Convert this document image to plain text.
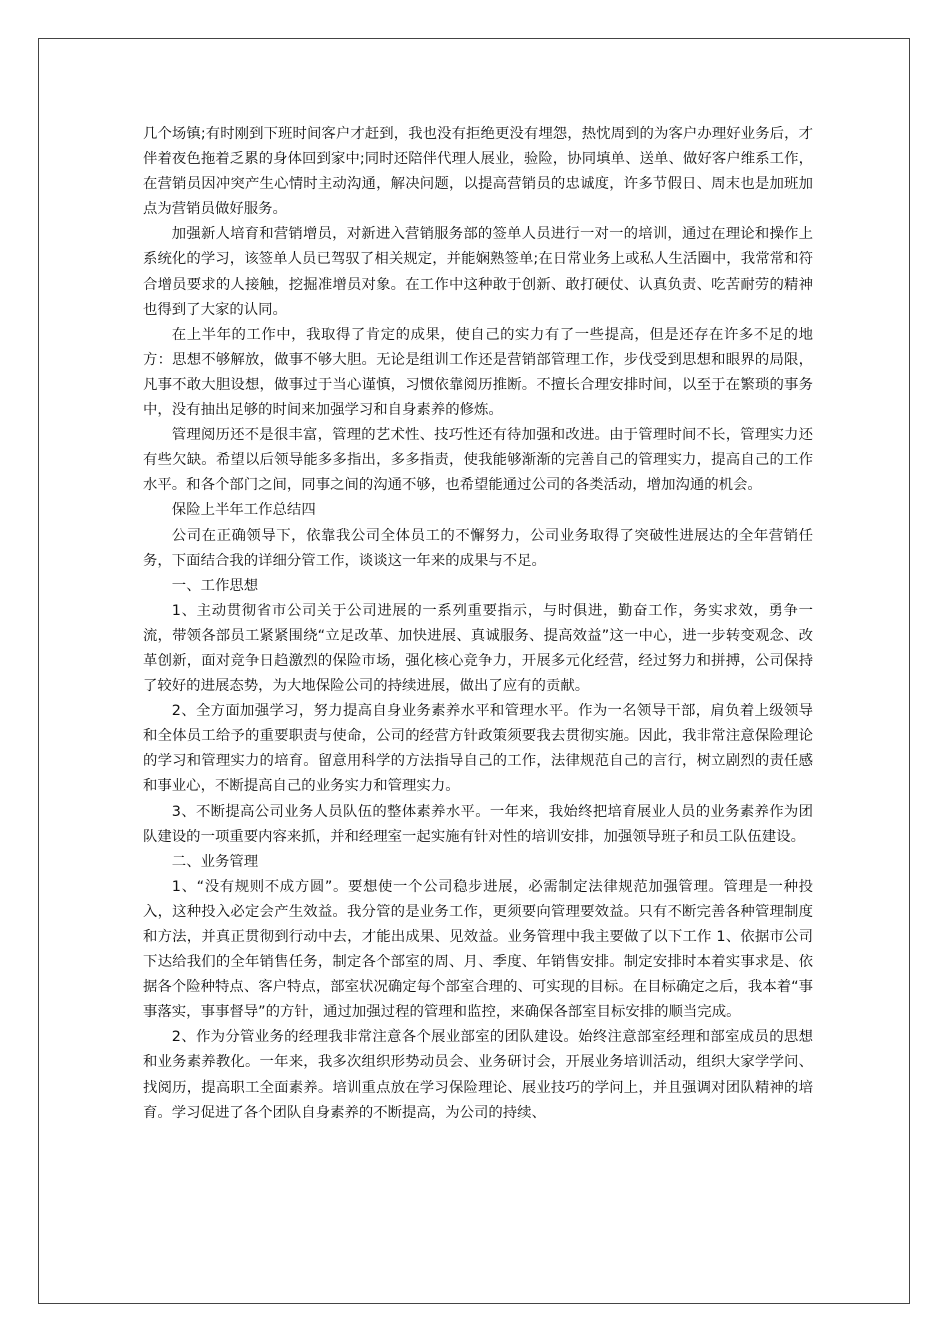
几个场镇;有时刚到下班时间客户才赶到，我也没有拒绝更没有埋怨，热忱周到的为客户办理好业务后，才伴着夜色拖着乏累的身体回到家中;同时还陪伴代理人展业，验险，协同填单、送单、做好客户维系工作，在营销员因冲突产生心情时主动沟通，解决问题，以提高营销员的忠诚度，许多节假日、周末也是加班加点为营销员做好服务。

加强新人培育和营销增员，对新进入营销服务部的签单人员进行一对一的培训，通过在理论和操作上系统化的学习，该签单人员已驾驭了相关规定，并能娴熟签单;在日常业务上或私人生活圈中，我常常和符合增员要求的人接触，挖掘准增员对象。在工作中这种敢于创新、敢打硬仗、认真负责、吃苦耐劳的精神也得到了大家的认同。

在上半年的工作中，我取得了肯定的成果，使自己的实力有了一些提高，但是还存在许多不足的地方：思想不够解放，做事不够大胆。无论是组训工作还是营销部管理工作，步伐受到思想和眼界的局限，凡事不敢大胆设想，做事过于当心谨慎，习惯依靠阅历推断。不擅长合理安排时间，以至于在繁琐的事务中，没有抽出足够的时间来加强学习和自身素养的修炼。

管理阅历还不是很丰富，管理的艺术性、技巧性还有待加强和改进。由于管理时间不长，管理实力还有些欠缺。希望以后领导能多多指出，多多指责，使我能够渐渐的完善自己的管理实力，提高自己的工作水平。和各个部门之间，同事之间的沟通不够，也希望能通过公司的各类活动，增加沟通的机会。

保险上半年工作总结四

公司在正确领导下，依靠我公司全体员工的不懈努力，公司业务取得了突破性进展达的全年营销任务，下面结合我的详细分管工作，谈谈这一年来的成果与不足。

一、工作思想

1、主动贯彻省市公司关于公司进展的一系列重要指示，与时俱进，勤奋工作，务实求效，勇争一流，带领各部员工紧紧围绕“立足改革、加快进展、真诚服务、提高效益”这一中心，进一步转变观念、改革创新，面对竞争日趋激烈的保险市场，强化核心竞争力，开展多元化经营，经过努力和拼搏，公司保持了较好的进展态势，为大地保险公司的持续进展，做出了应有的贡献。

2、全方面加强学习，努力提高自身业务素养水平和管理水平。作为一名领导干部，肩负着上级领导和全体员工给予的重要职责与使命，公司的经营方针政策须要我去贯彻实施。因此，我非常注意保险理论的学习和管理实力的培育。留意用科学的方法指导自己的工作，法律规范自己的言行，树立剧烈的责任感和事业心，不断提高自己的业务实力和管理实力。

3、不断提高公司业务人员队伍的整体素养水平。一年来，我始终把培育展业人员的业务素养作为团队建设的一项重要内容来抓，并和经理室一起实施有针对性的培训安排，加强领导班子和员工队伍建设。

二、业务管理

1、“没有规则不成方圆”。要想使一个公司稳步进展，必需制定法律规范加强管理。管理是一种投入，这种投入必定会产生效益。我分管的是业务工作，更须要向管理要效益。只有不断完善各种管理制度和方法，并真正贯彻到行动中去，才能出成果、见效益。业务管理中我主要做了以下工作 1、依据市公司下达给我们的全年销售任务，制定各个部室的周、月、季度、年销售安排。制定安排时本着实事求是、依据各个险种特点、客户特点，部室状况确定每个部室合理的、可实现的目标。在目标确定之后，我本着“事事落实，事事督导”的方针，通过加强过程的管理和监控，来确保各部室目标安排的顺当完成。

2、作为分管业务的经理我非常注意各个展业部室的团队建设。始终注意部室经理和部室成员的思想和业务素养教化。一年来，我多次组织形势动员会、业务研讨会，开展业务培训活动，组织大家学学问、找阅历，提高职工全面素养。培训重点放在学习保险理论、展业技巧的学问上，并且强调对团队精神的培育。学习促进了各个团队自身素养的不断提高，为公司的持续、
